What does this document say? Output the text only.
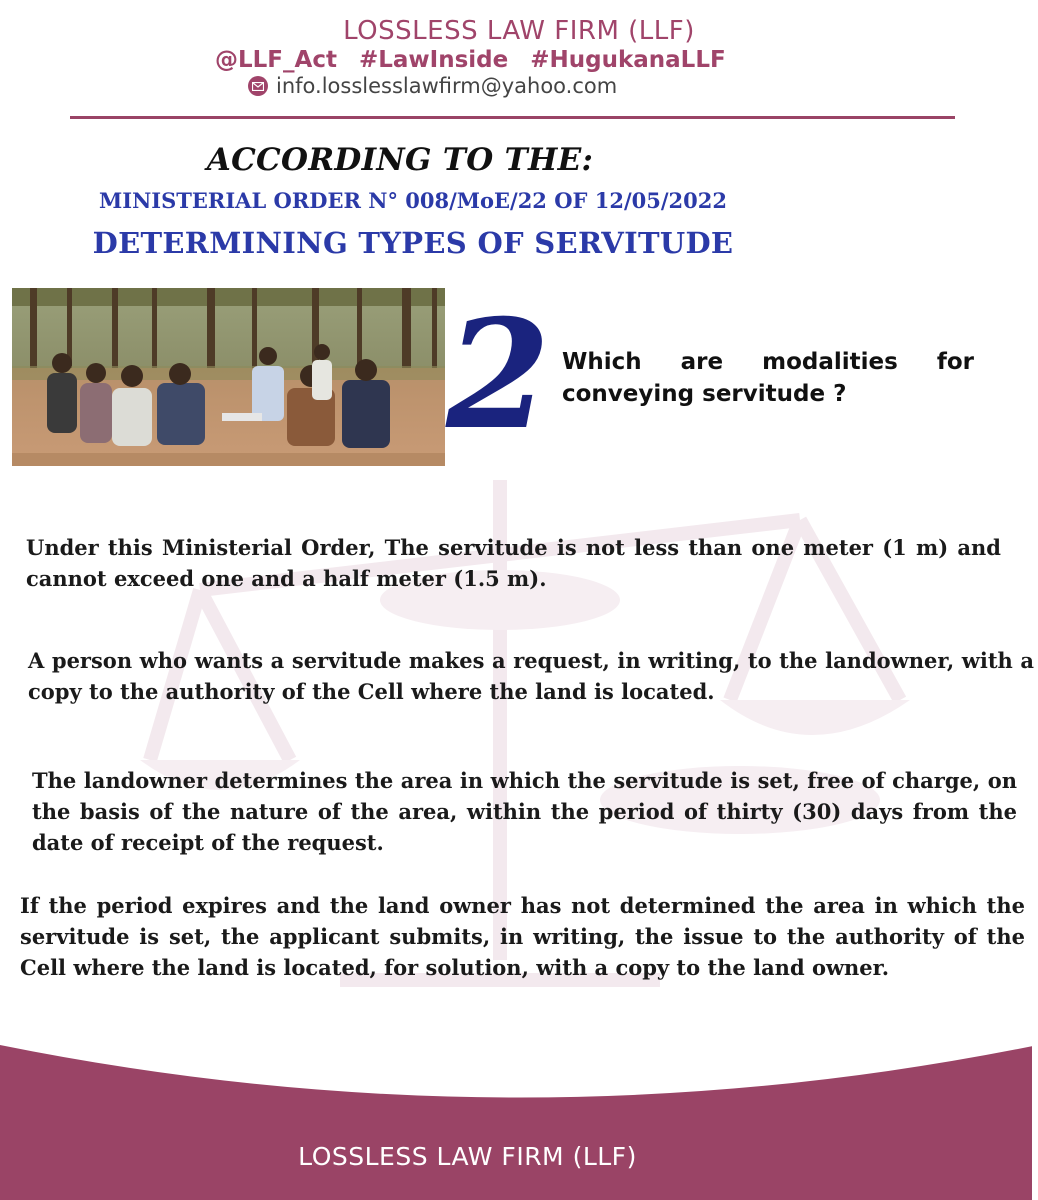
LOSSLESS LAW FIRM (LLF)
@LLF_Act #LawInside #HugukanaLLF
info.losslesslawfirm@yahoo.com
ACCORDING TO THE:
MINISTERIAL ORDER N° 008/MoE/22 OF 12/05/2022
DETERMINING TYPES OF SERVITUDE
2 Which are modalities for conveying servitude ?
Under this Ministerial Order, The servitude is not less than one meter (1 m) and cannot exceed one and a half meter (1.5 m).
A person who wants a servitude makes a request, in writing, to the landowner, with a copy to the authority of the Cell where the land is located.
The landowner determines the area in which the servitude is set, free of charge, on the basis of the nature of the area, within the period of thirty (30) days from the date of receipt of the request.
If the period expires and the land owner has not determined the area in which the servitude is set, the applicant submits, in writing, the issue to the authority of the Cell where the land is located, for solution, with a copy to the land owner.
LOSSLESS LAW FIRM (LLF)
